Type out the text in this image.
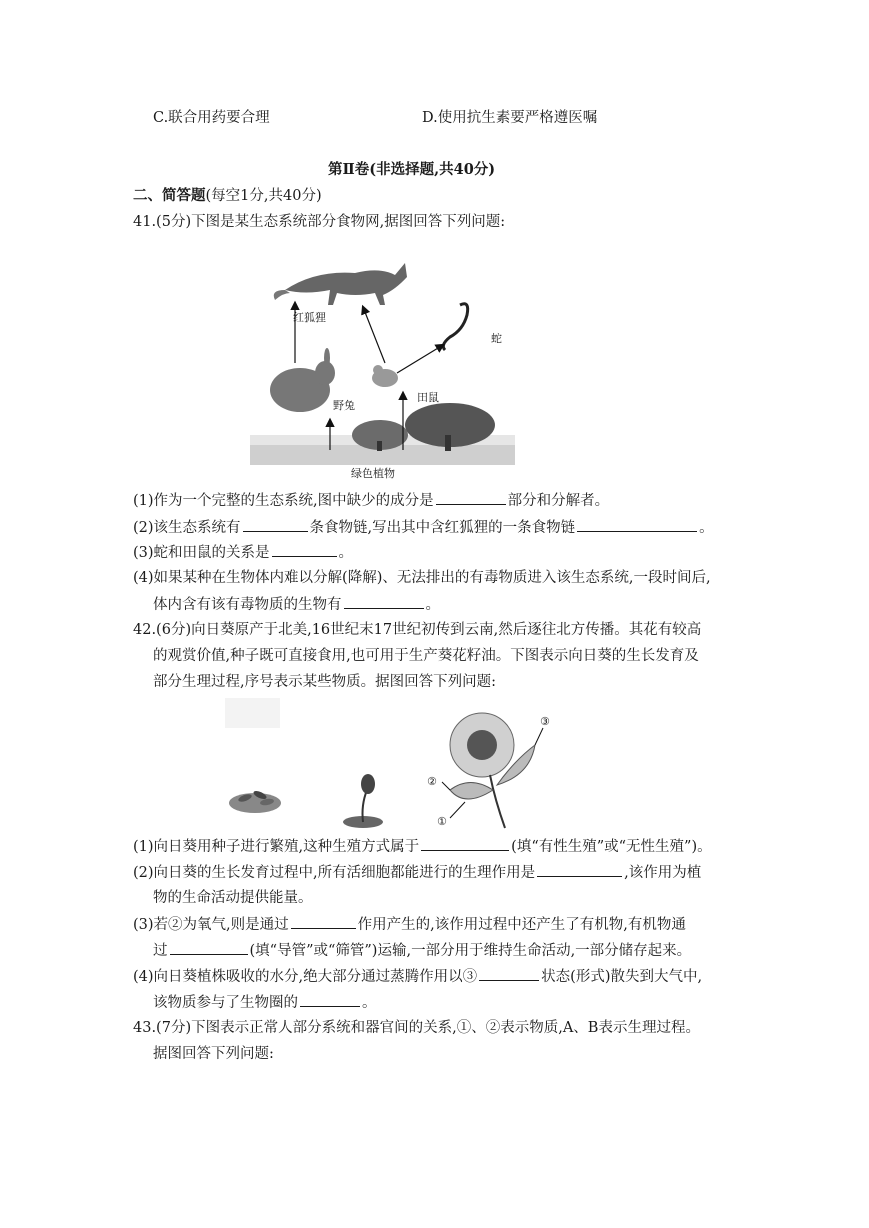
C.联合用药要合理	D.使用抗生素要严格遵医嘱
第Ⅱ卷(非选择题,共40分)
二、简答题(每空1分,共40分)
41.(5分)下图是某生态系统部分食物网,据图回答下列问题:
红狐狸
蛇
野兔
田鼠
绿色植物
(1)作为一个完整的生态系统,图中缺少的成分是	部分和分解者。
(2)该生态系统有	条食物链,写出其中含红狐狸的一条食物链	。
(3)蛇和田鼠的关系是	。
(4)如果某种在生物体内难以分解(降解)、无法排出的有毒物质进入该生态系统,一段时间后,
体内含有该有毒物质的生物有	。
42.(6分)向日葵原产于北美,16世纪末17世纪初传到云南,然后逐往北方传播。其花有较高
的观赏价值,种子既可直接食用,也可用于生产葵花籽油。下图表示向日葵的生长发育及
部分生理过程,序号表示某些物质。据图回答下列问题:
③
②
①
(1)向日葵用种子进行繁殖,这种生殖方式属于	(填“有性生殖”或“无性生殖”)。
(2)向日葵的生长发育过程中,所有活细胞都能进行的生理作用是	,该作用为植
物的生命活动提供能量。
(3)若②为氧气,则是通过	作用产生的,该作用过程中还产生了有机物,有机物通
过	(填“导管”或“筛管”)运输,一部分用于维持生命活动,一部分储存起来。
(4)向日葵植株吸收的水分,绝大部分通过蒸腾作用以③	状态(形式)散失到大气中,
该物质参与了生物圈的	。
43.(7分)下图表示正常人部分系统和器官间的关系,①、②表示物质,A、B表示生理过程。
据图回答下列问题:
